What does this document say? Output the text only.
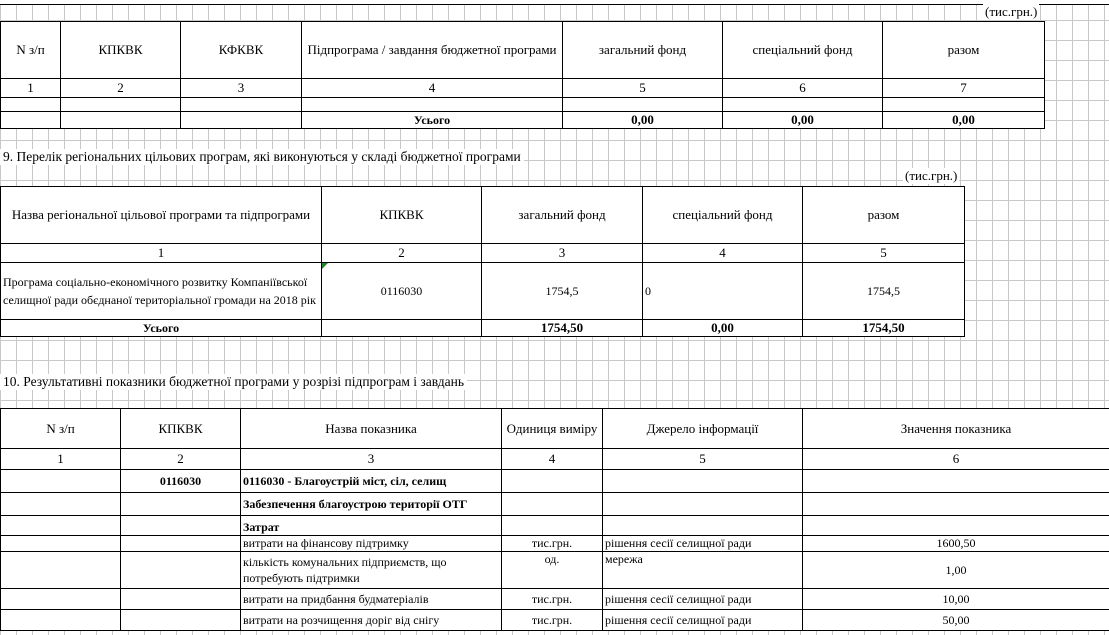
(тис.грн.)
N з/п	КПКВК	КФКВК	Підпрограма / завдання бюджетної програми	загальний фонд	спеціальний фонд	разом
1	2	3	4	5	6	7

			Усього	0,00	0,00	0,00
9. Перелік регіональних цільових програм, які виконуються у складі бюджетної програми
(тис.грн.)
Назва регіональної цільової програми та підпрограми	КПКВК	загальний фонд	спеціальний фонд	разом
1	2	3	4	5
Програма соціально-економічного розвитку Компаніївської селищної ради обєднаної територіальної громади на 2018 рік	0116030	1754,5	0	1754,5
Усього		1754,50	0,00	1754,50
10. Результативні показники бюджетної програми у розрізі підпрограм і завдань
N з/п	КПКВК	Назва показника	Одиниця виміру	Джерело інформації	Значення показника
1	2	3	4	5	6
	0116030	0116030 - Благоустрій міст, сіл, селищ			
		Забезпечення благоустрою території ОТГ			
		Затрат			
		витрати на фінансову підтримку	тис.грн.	рішення сесії селищної ради	1600,50
		кількість комунальних підприємств, що потребують підтримки	од.	мережа	1,00
		витрати на придбання будматеріалів	тис.грн.	рішення сесії селищної ради	10,00
		витрати на розчищення доріг від снігу	тис.грн.	рішення сесії селищної ради	50,00
